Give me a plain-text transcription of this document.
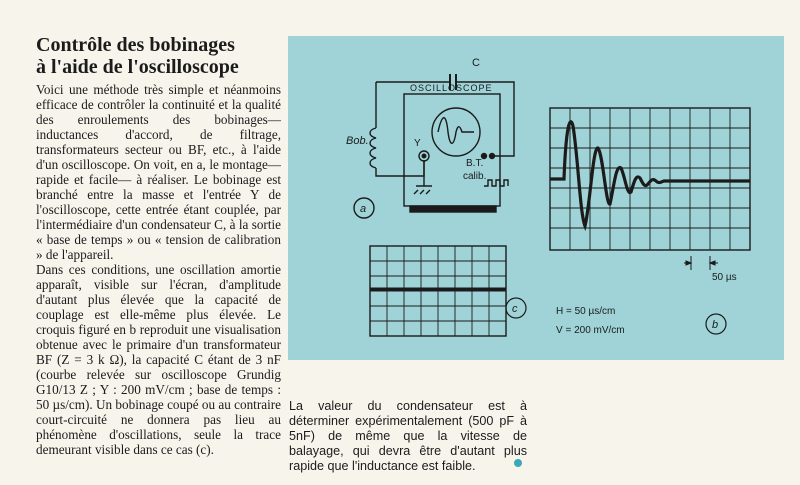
Contrôle des bobinages
à l'aide de l'oscilloscope

Voici une méthode très simple et néanmoins efficace de contrôler la continuité et la qualité des enroulements des bobinages— inductances d'accord, de filtrage, transformateurs secteur ou BF, etc., à l'aide d'un oscilloscope. On voit, en a, le montage— rapide et facile— à réaliser. Le bobinage est branché entre la masse et l'entrée Y de l'oscilloscope, cette entrée étant couplée, par l'intermédiaire d'un condensateur C, à la sortie « base de temps » ou « tension de calibration » de l'appareil.

Dans ces conditions, une oscillation amortie apparaît, visible sur l'écran, d'amplitude d'autant plus élevée que la capacité de couplage est elle-même plus élevée. Le croquis figuré en b reproduit une visualisation obtenue avec le primaire d'un transformateur BF (Z = 3 k Ω), la capacité C étant de 3 nF (courbe relevée sur oscilloscope Grundig G10/13 Z ; Y : 200 mV/cm ; base de temps : 50 µs/cm). Un bobinage coupé ou au contraire court-circuité ne donnera pas lieu au phénomène d'oscillations, seule la trace demeurant visible dans ce cas (c).

C
OSCILLOSCOPE
Bob.	Y
B.T.
calib.
a
c
50 µs
H = 50 µs/cm
V = 200 mV/cm	b

La valeur du condensateur est à déterminer expérimentalement (500 pF à 5nF) de même que la vitesse de balayage, qui devra être d'autant plus rapide que l'inductance est faible.
